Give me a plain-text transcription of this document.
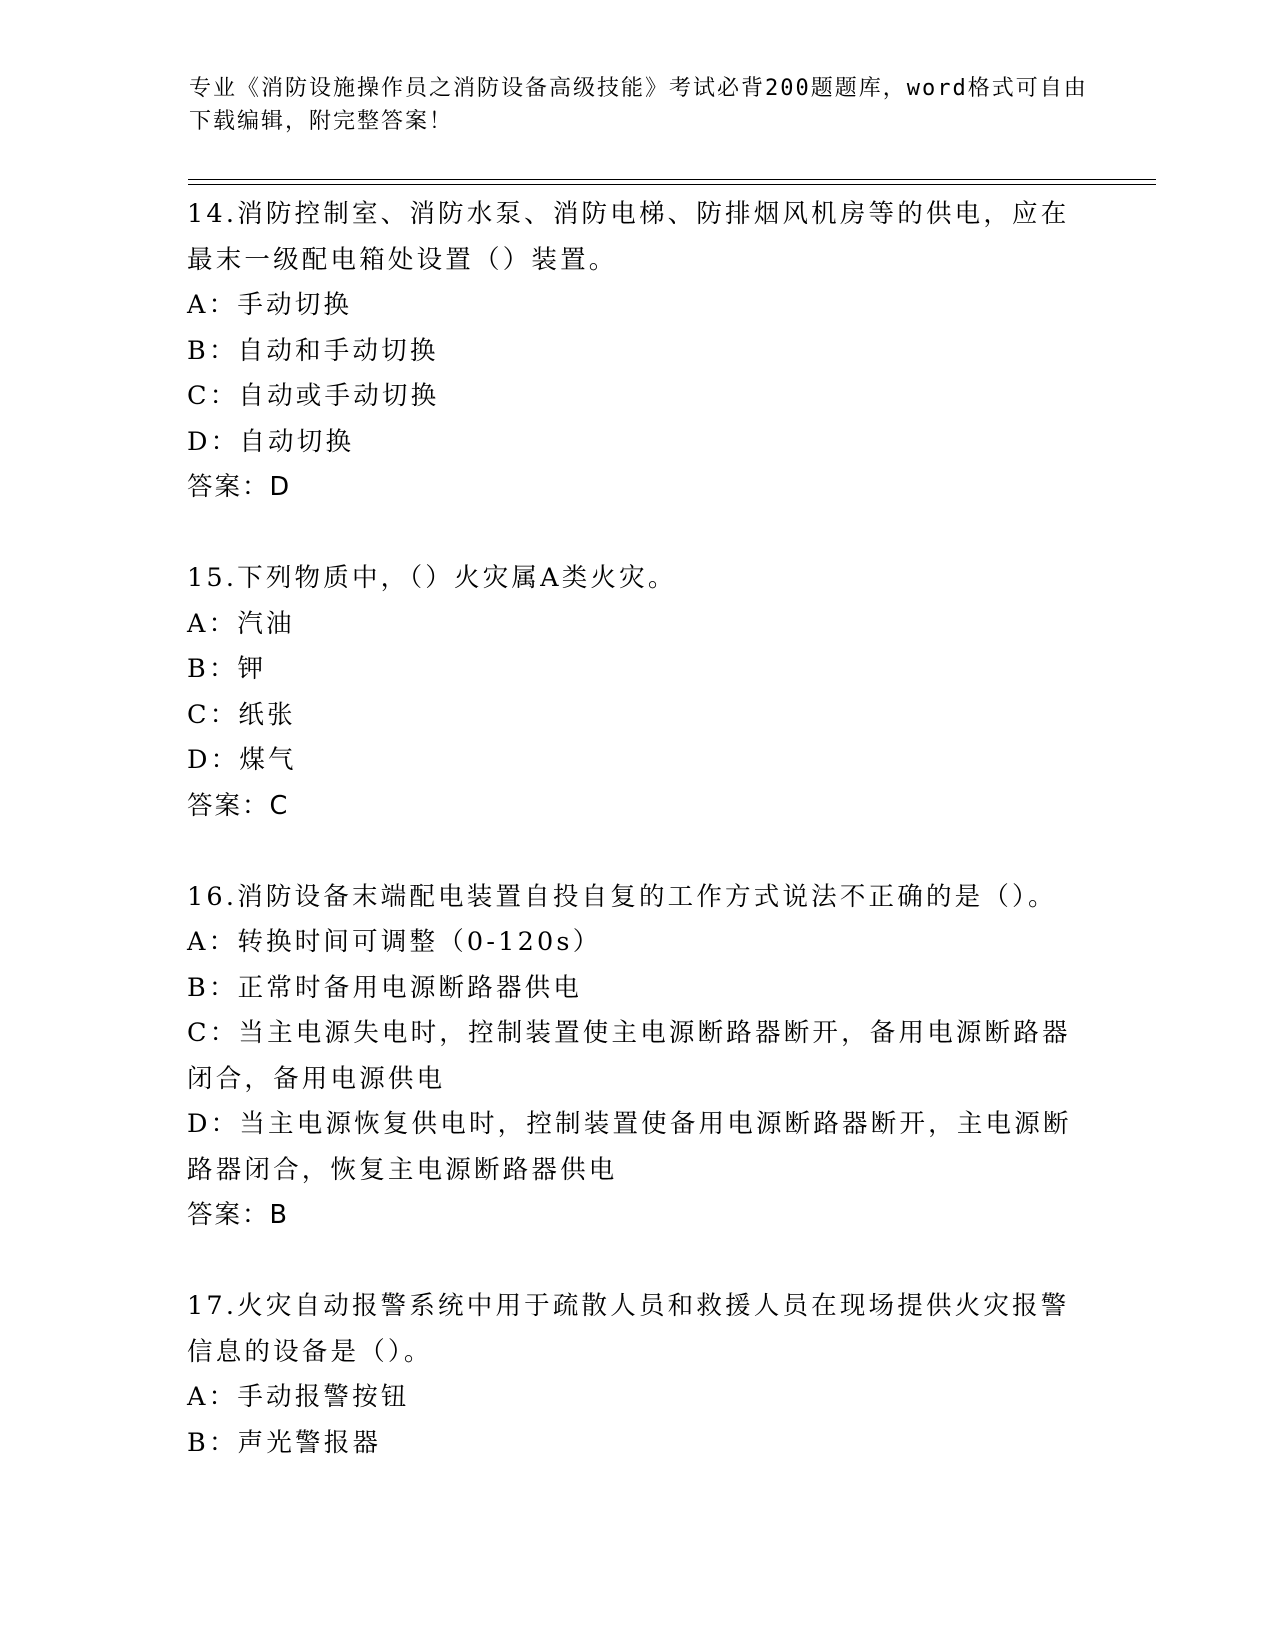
专业《消防设施操作员之消防设备高级技能》考试必背200题题库，word格式可自由下载编辑，附完整答案！
14.消防控制室、消防水泵、消防电梯、防排烟风机房等的供电，应在最末一级配电箱处设置（）装置。
A：手动切换
B：自动和手动切换
C：自动或手动切换
D：自动切换
答案：D
15.下列物质中，（）火灾属A类火灾。
A：汽油
B：钾
C：纸张
D：煤气
答案：C
16.消防设备末端配电装置自投自复的工作方式说法不正确的是（）。
A：转换时间可调整（0-120s）
B：正常时备用电源断路器供电
C：当主电源失电时，控制装置使主电源断路器断开，备用电源断路器闭合，备用电源供电
D：当主电源恢复供电时，控制装置使备用电源断路器断开，主电源断路器闭合，恢复主电源断路器供电
答案：B
17.火灾自动报警系统中用于疏散人员和救援人员在现场提供火灾报警信息的设备是（）。
A：手动报警按钮
B：声光警报器
